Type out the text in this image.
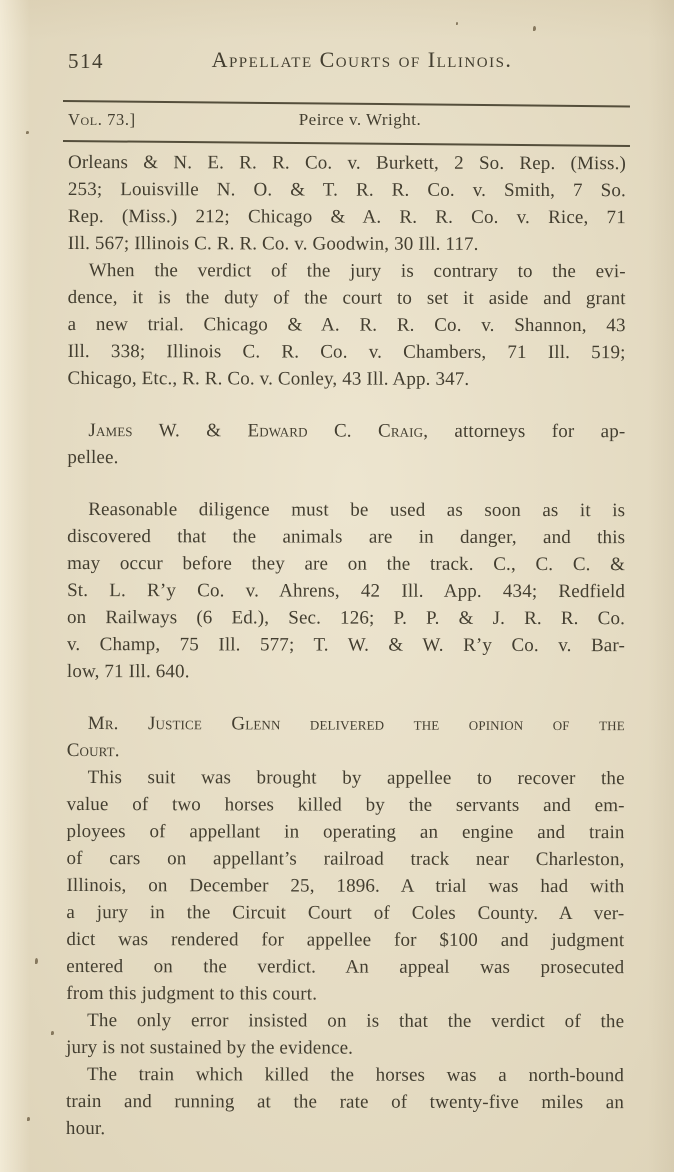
514	Appellate Courts of Illinois.
Vol. 73.]	Peirce v. Wright.
Orleans & N. E. R. R. Co. v. Burkett, 2 So. Rep. (Miss.)
253; Louisville N. O. & T. R. R. Co. v. Smith, 7 So.
Rep. (Miss.) 212; Chicago & A. R. R. Co. v. Rice, 71
Ill. 567; Illinois C. R. R. Co. v. Goodwin, 30 Ill. 117.
When the verdict of the jury is contrary to the evi-
dence, it is the duty of the court to set it aside and grant
a new trial. Chicago & A. R. R. Co. v. Shannon, 43
Ill. 338; Illinois C. R. Co. v. Chambers, 71 Ill. 519;
Chicago, Etc., R. R. Co. v. Conley, 43 Ill. App. 347.
James W. & Edward C. Craig, attorneys for ap-
pellee.
Reasonable diligence must be used as soon as it is
discovered that the animals are in danger, and this
may occur before they are on the track. C., C. C. &
St. L. R’y Co. v. Ahrens, 42 Ill. App. 434; Redfield
on Railways (6 Ed.), Sec. 126; P. P. & J. R. R. Co.
v. Champ, 75 Ill. 577; T. W. & W. R’y Co. v. Bar-
low, 71 Ill. 640.
Mr. Justice Glenn delivered the opinion of the
Court.
This suit was brought by appellee to recover the
value of two horses killed by the servants and em-
ployees of appellant in operating an engine and train
of cars on appellant’s railroad track near Charleston,
Illinois, on December 25, 1896. A trial was had with
a jury in the Circuit Court of Coles County. A ver-
dict was rendered for appellee for $100 and judgment
entered on the verdict. An appeal was prosecuted
from this judgment to this court.
The only error insisted on is that the verdict of the
jury is not sustained by the evidence.
The train which killed the horses was a north-bound
train and running at the rate of twenty-five miles an
hour.
